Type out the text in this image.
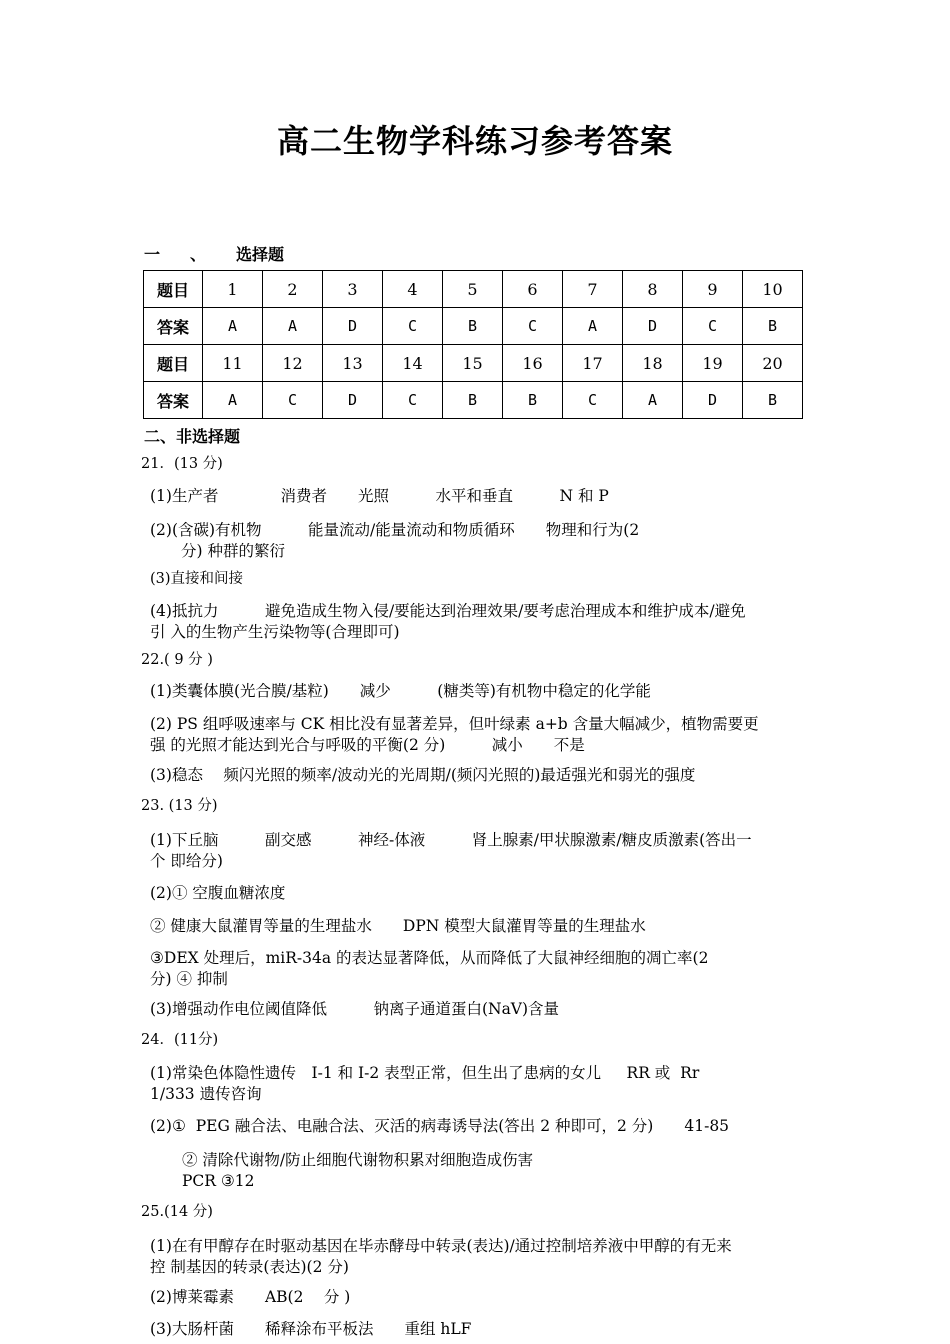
高二生物学科练习参考答案
一 、 选择题
题目	1	2	3	4	5	6	7	8	9	10
答案	A	A	D	C	B	C	A	D	C	B
题目	11	12	13	14	15	16	17	18	19	20
答案	A	C	D	C	B	B	C	A	D	B
二、非选择题
21．(13 分)
(1)生产者　　　　消费者　　光照　　　水平和垂直　　　N 和 P
(2)(含碳)有机物　　　能量流动/能量流动和物质循环　　物理和行为(2
　　分) 种群的繁衍
(3)直接和间接
(4)抵抗力　　　避免造成生物入侵/要能达到治理效果/要考虑治理成本和维护成本/避免
引 入的生物产生污染物等(合理即可)
22.( 9 分 )
(1)类囊体膜(光合膜/基粒)　　减少　　　(糖类等)有机物中稳定的化学能
(2) PS 组呼吸速率与 CK 相比没有显著差异，但叶绿素 a+b 含量大幅减少，植物需要更
强 的光照才能达到光合与呼吸的平衡(2 分)　　　减小　　不是
(3)稳态　 频闪光照的频率/波动光的光周期/(频闪光照的)最适强光和弱光的强度
23. (13 分)
(1)下丘脑　　　副交感　　　神经-体液　　　肾上腺素/甲状腺激素/糖皮质激素(答出一
个 即给分)
(2)① 空腹血糖浓度
② 健康大鼠灌胃等量的生理盐水　　DPN 模型大鼠灌胃等量的生理盐水
③DEX 处理后，miR-34a 的表达显著降低，从而降低了大鼠神经细胞的凋亡率(2
分) ④ 抑制
(3)增强动作电位阈值降低　　　钠离子通道蛋白(NaV)含量
24．(11分)
(1)常染色体隐性遗传　I-1 和 I-2 表型正常，但生出了患病的女儿　  RR 或  Rr
1/333 遗传咨询
(2)①  PEG 融合法、电融合法、灭活的病毒诱导法(答出 2 种即可，2 分)　　41-85
② 清除代谢物/防止细胞代谢物积累对细胞造成伤害
PCR ③12
25.(14 分)
(1)在有甲醇存在时驱动基因在毕赤酵母中转录(表达)/通过控制培养液中甲醇的有无来
控 制基因的转录(表达)(2 分)
(2)博莱霉素　　AB(2　 分 )
(3)大肠杆菌　　稀释涂布平板法　　重组 hLF
